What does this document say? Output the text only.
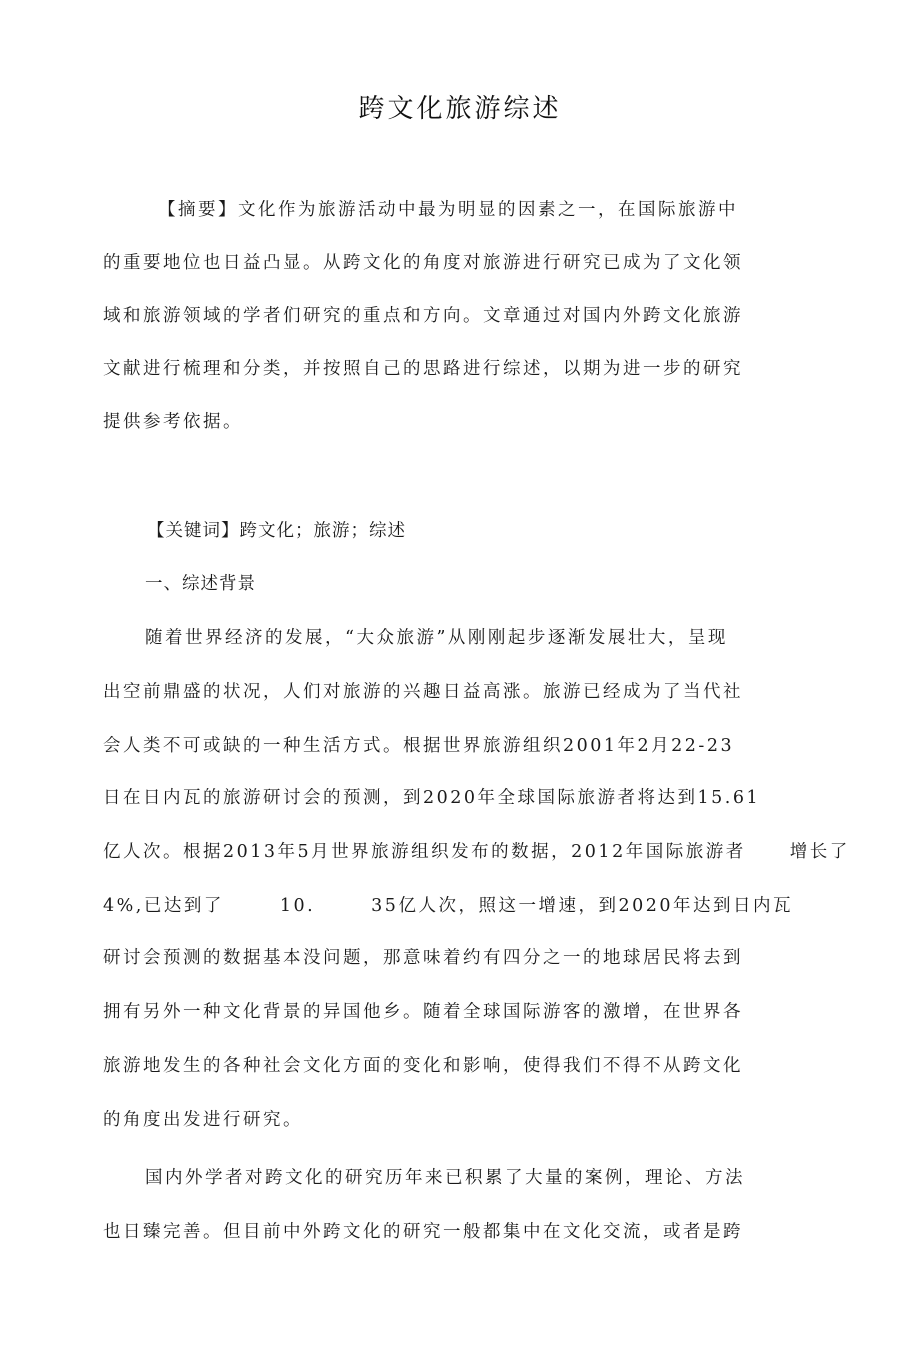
跨文化旅游综述
【摘要】文化作为旅游活动中最为明显的因素之一，在国际旅游中
的重要地位也日益凸显。从跨文化的角度对旅游进行研究已成为了文化领
域和旅游领域的学者们研究的重点和方向。文章通过对国内外跨文化旅游
文献进行梳理和分类，并按照自己的思路进行综述，以期为进一步的研究
提供参考依据。
【关键词】跨文化；旅游；综述
一、综述背景
随着世界经济的发展，“大众旅游”从刚刚起步逐渐发展壮大，呈现
出空前鼎盛的状况，人们对旅游的兴趣日益高涨。旅游已经成为了当代社
会人类不可或缺的一种生活方式。根据世界旅游组织2001年2月22-23
日在日内瓦的旅游研讨会的预测，到2020年全球国际旅游者将达到15.61
亿人次。根据2013年5月世界旅游组织发布的数据，2012年国际旅游者	增长了
4%,已达到了	10.	35亿人次，照这一增速，到2020年达到日内瓦
研讨会预测的数据基本没问题，那意味着约有四分之一的地球居民将去到
拥有另外一种文化背景的异国他乡。随着全球国际游客的激增，在世界各
旅游地发生的各种社会文化方面的变化和影响，使得我们不得不从跨文化
的角度出发进行研究。
国内外学者对跨文化的研究历年来已积累了大量的案例，理论、方法
也日臻完善。但目前中外跨文化的研究一般都集中在文化交流，或者是跨
